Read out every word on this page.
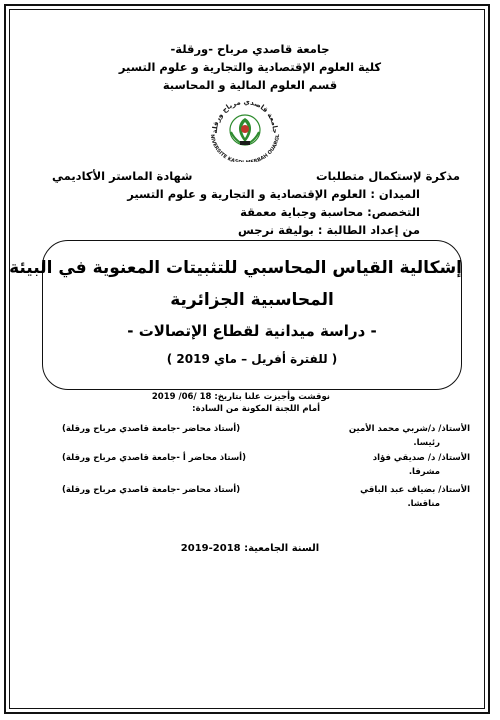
جامعة قاصدي مرباح -ورقلة-
كلية العلوم الإقتصادية والتجارية و علوم التسير
قسم العلوم المالية و المحاسبة
جامعة قاصدي مرباح ورقلة
NIVERSITE KAS RBAH OUARGL
مذكرة لإستكمال متطلبات
شهادة الماستر الأكاديمي
الميدان : العلوم الإقتصادية و التجارية و علوم التسير
التخصص: محاسبة وجباية معمقة
من إعداد الطالبة : بوليفة نرجس
إشكالية القياس المحاسبي للتثبيتات المعنوية في البيئة
المحاسبية الجزائرية
- دراسة ميدانية لقطاع الإتصالات -
( للفترة أفريل – ماي 2019 )
نوقشت وأجيزت علنا بتاريخ: 18 /06/ 2019
أمام اللجنة المكونة من السادة:
الأستاذ/ د/شربي محمد الأمين
(أستاذ محاضر -جامعة قاصدي مرباح ورقلة)
رئيسا.
الأستاذ/ د/ صديقي فؤاد
(أستاذ محاضر أ -جامعة قاصدي مرباح ورقلة)
مشرفا.
الأستاذ/ بضياف عبد الباقي
(أستاذ محاضر -جامعة قاصدي مرباح ورقلة)
مناقشا.
السنة الجامعية: 2018-2019
